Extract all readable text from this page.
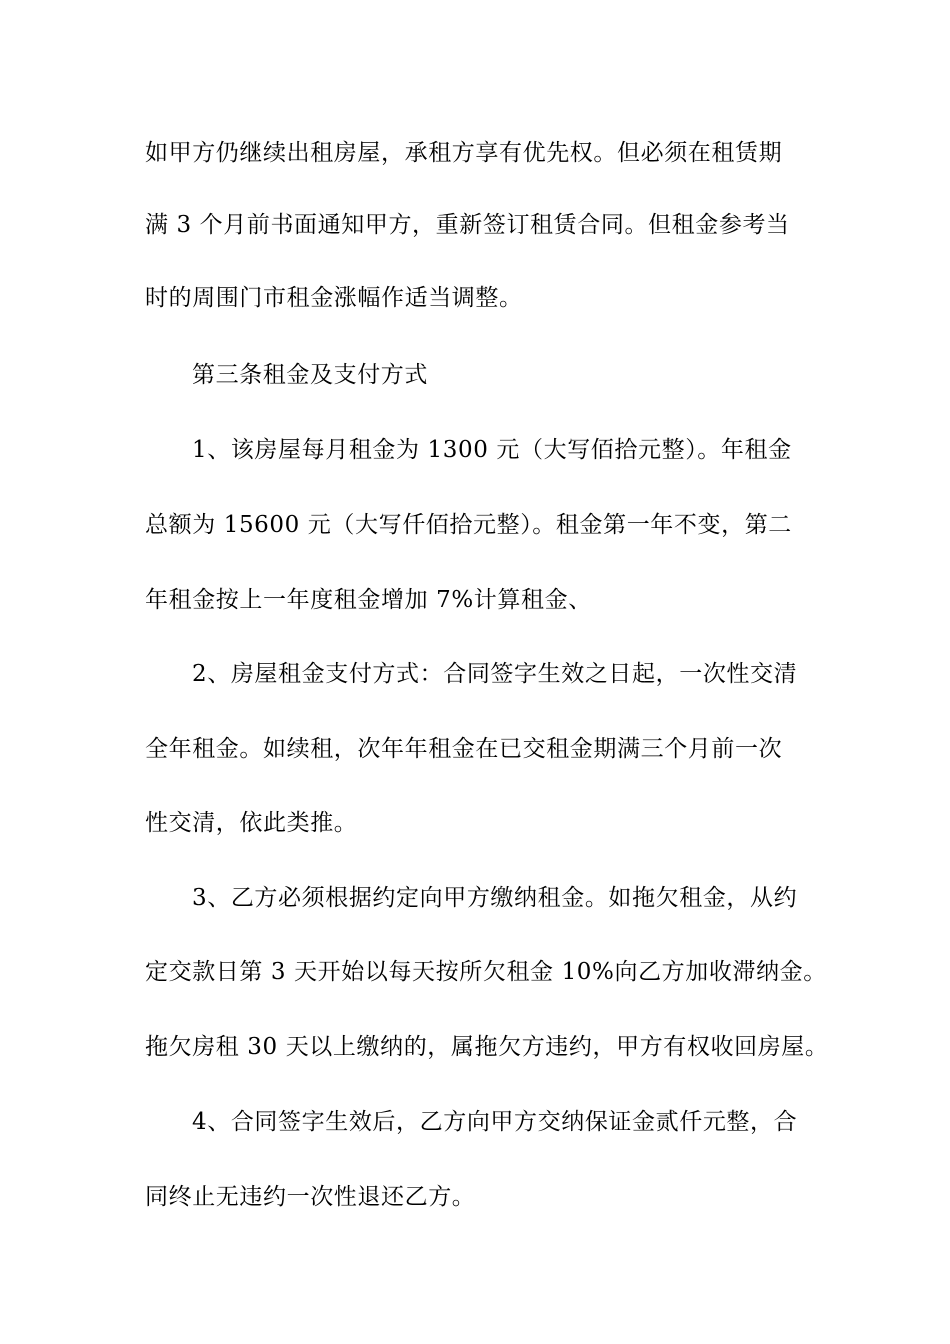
如甲方仍继续出租房屋，承租方享有优先权。但必须在租赁期

满 3 个月前书面通知甲方，重新签订租赁合同。但租金参考当

时的周围门市租金涨幅作适当调整。

第三条租金及支付方式

1、该房屋每月租金为 1300 元（大写佰拾元整）。年租金

总额为 15600 元（大写仟佰拾元整）。租金第一年不变，第二

年租金按上一年度租金增加 7%计算租金、

2、房屋租金支付方式：合同签字生效之日起，一次性交清

全年租金。如续租，次年年租金在已交租金期满三个月前一次

性交清，依此类推。

3、乙方必须根据约定向甲方缴纳租金。如拖欠租金，从约

定交款日第 3 天开始以每天按所欠租金 10%向乙方加收滞纳金。

拖欠房租 30 天以上缴纳的，属拖欠方违约，甲方有权收回房屋。

4、合同签字生效后，乙方向甲方交纳保证金贰仟元整，合

同终止无违约一次性退还乙方。
